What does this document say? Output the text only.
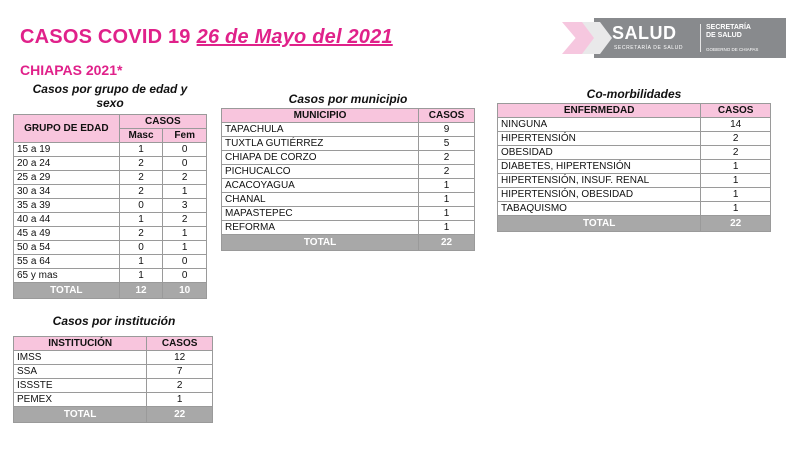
CASOS COVID 19 26 de Mayo del 2021
CHIAPAS 2021*
SALUD
SECRETARÍA DE SALUD
SECRETARÍA
DE SALUD
GOBIERNO DE CHIAPAS
Casos por grupo de edad y
sexo
GRUPO DE EDAD	CASOS	
	Masc	Fem
15 a 19	1	0
20 a 24	2	0
25 a 29	2	2
30 a 34	2	1
35 a 39	0	3
40 a 44	1	2
45 a 49	2	1
50 a 54	0	1
55 a 64	1	0
65 y mas	1	0
TOTAL	12	10
Casos por institución
INSTITUCIÓN	CASOS
IMSS	12
SSA	7
ISSSTE	2
PEMEX	1
TOTAL	22
Casos por municipio
MUNICIPIO	CASOS
TAPACHULA	9
TUXTLA GUTIÉRREZ	5
CHIAPA DE CORZO	2
PICHUCALCO	2
ACACOYAGUA	1
CHANAL	1
MAPASTEPEC	1
REFORMA	1
TOTAL	22
Co-morbilidades
ENFERMEDAD	CASOS
NINGUNA	14
HIPERTENSIÓN	2
OBESIDAD	2
DIABETES, HIPERTENSIÓN	1
HIPERTENSIÓN, INSUF. RENAL	1
HIPERTENSIÓN, OBESIDAD	1
TABAQUISMO	1
TOTAL	22
